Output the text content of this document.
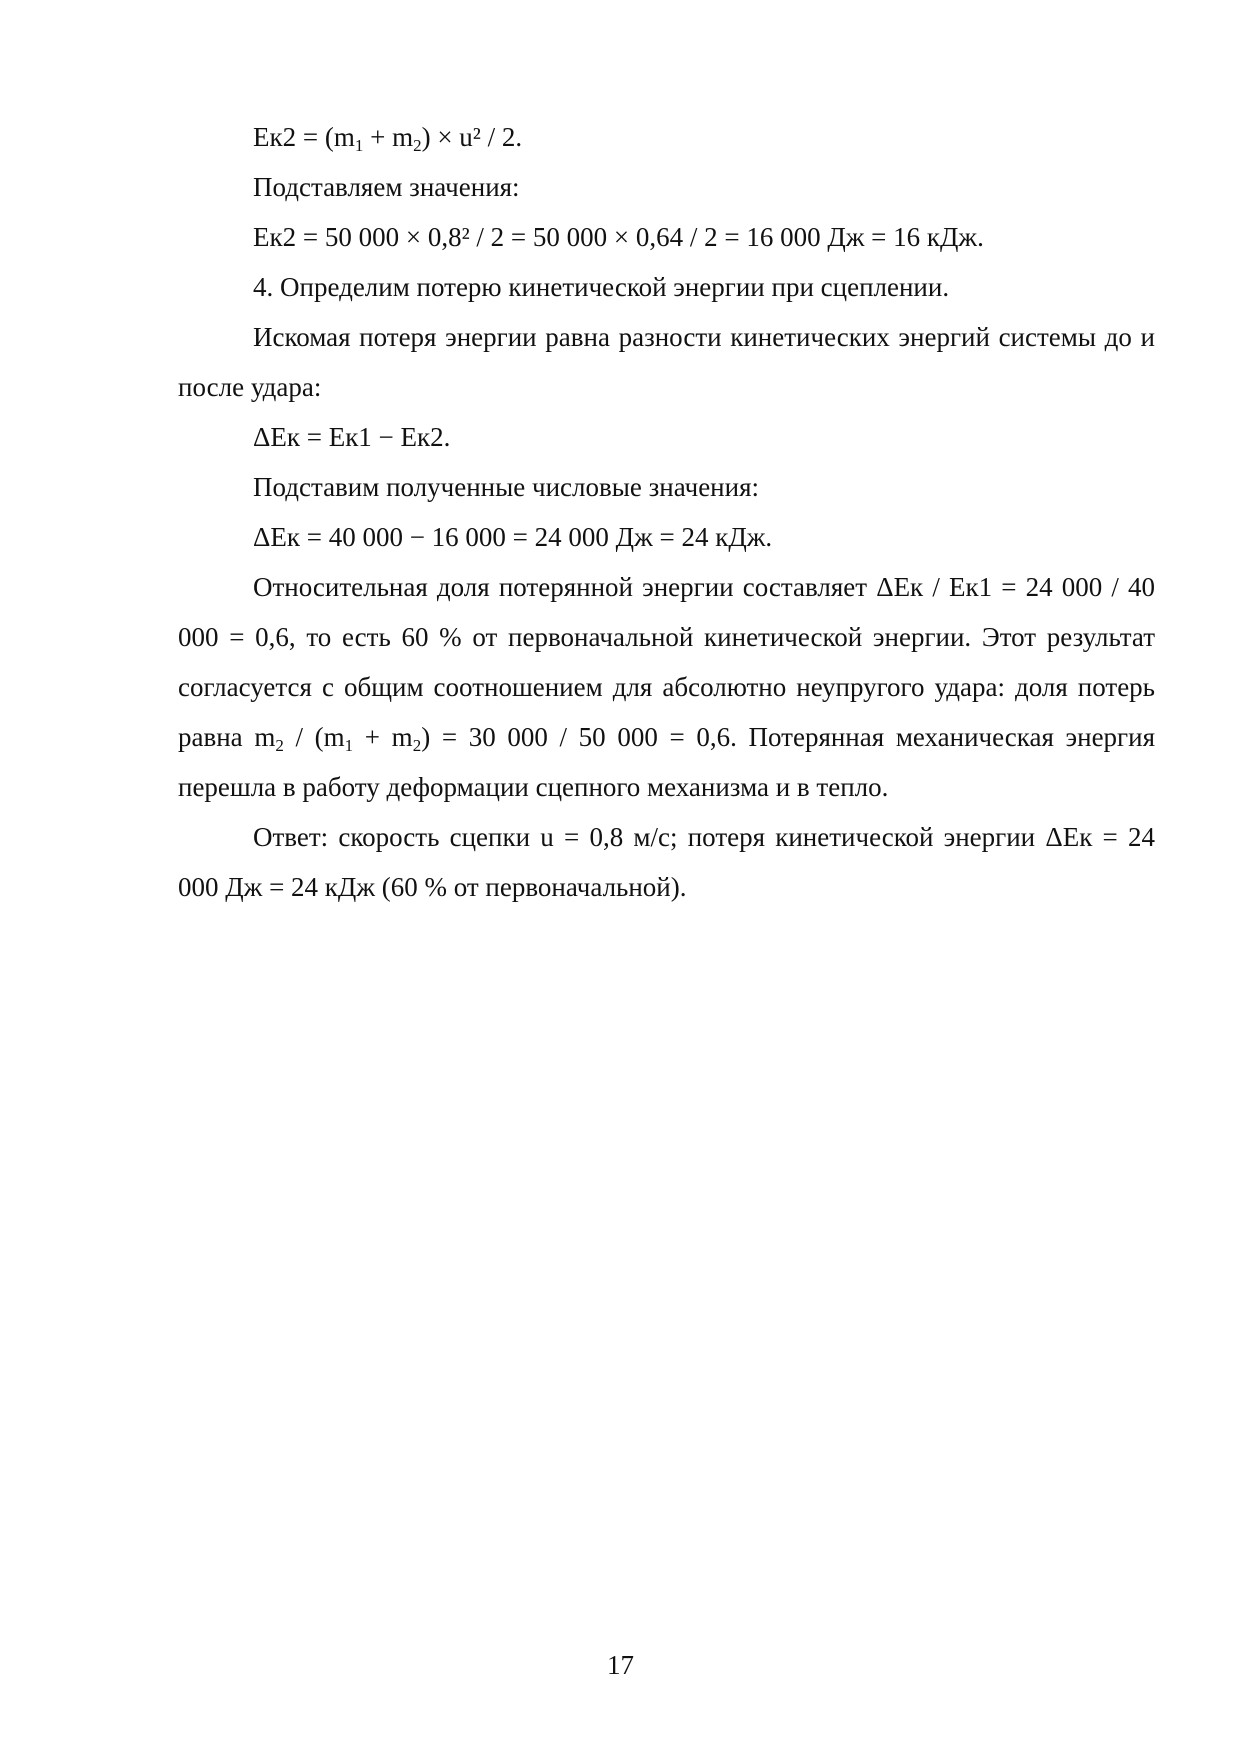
$Eк2 = (m_1 + m_2) \times u^2 / 2$.

Подставляем значения:

Eк2 = 50 000 × 0,8² / 2 = 50 000 × 0,64 / 2 = 16 000 Дж = 16 кДж.

4. Определим потерю кинетической энергии при сцеплении.

Искомая потеря энергии равна разности кинетических энергий системы до и после удара:

ΔEк = Eк1 − Eк2.

Подставим полученные числовые значения:

ΔEк = 40 000 − 16 000 = 24 000 Дж = 24 кДж.

Относительная доля потерянной энергии составляет ΔEк / Eк1 = 24 000 / 40 000 = 0,6, то есть 60 % от первоначальной кинетической энергии. Этот результат согласуется с общим соотношением для абсолютно неупругого удара: доля потерь равна $m_2 / (m_1 + m_2) = 30$ 000 / 50 000 = 0,6. Потерянная механическая энергия перешла в работу деформации сцепного механизма и в тепло.

Ответ: скорость сцепки u = 0,8 м/с; потеря кинетической энергии ΔEк = 24 000 Дж = 24 кДж (60 % от первоначальной).

17
